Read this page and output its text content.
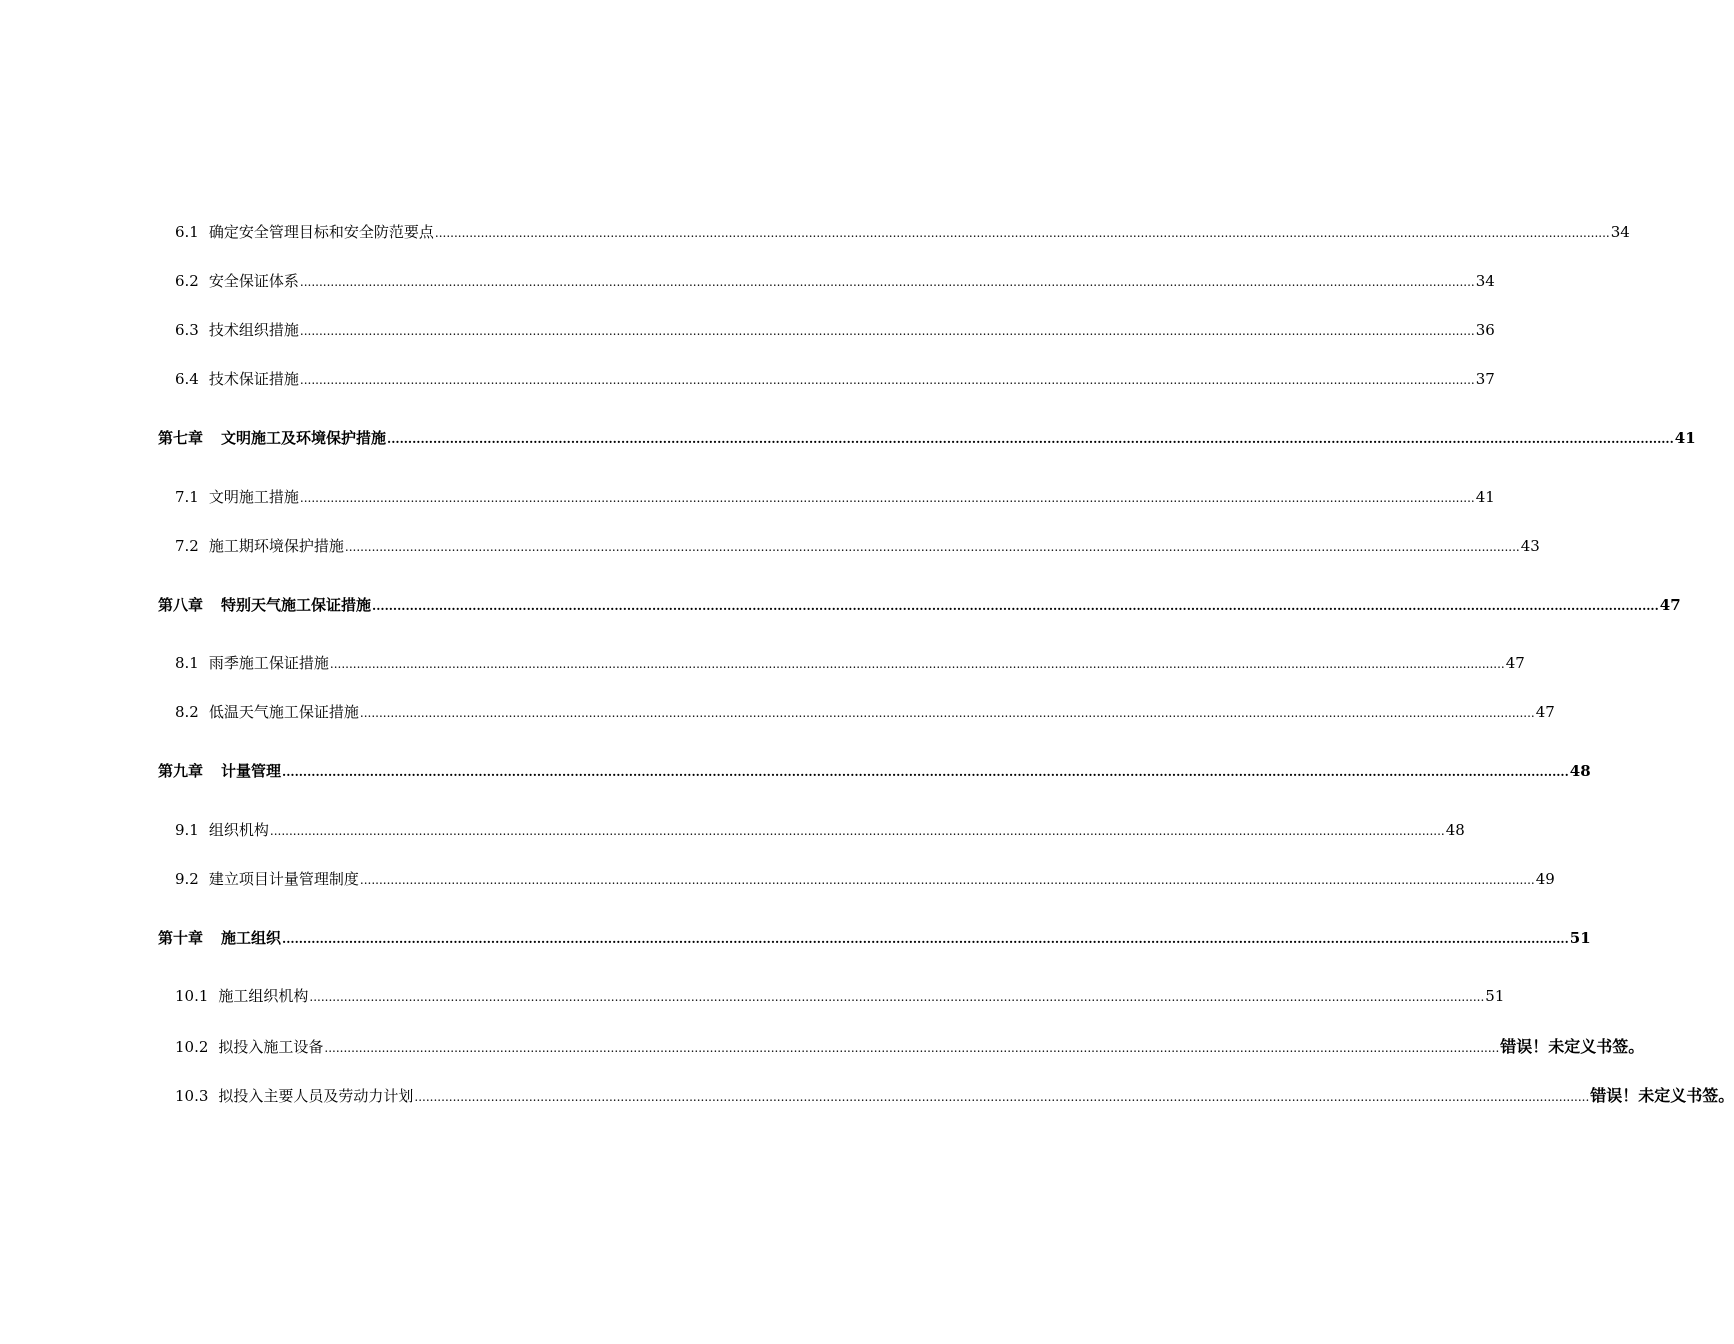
6.1 确定安全管理目标和安全防范要点 .................................................................................................................................................................................................................................................................................................................... 34
6.2 安全保证体系 .................................................................................................................................................................................................................................................................................................................... 34
6.3 技术组织措施 .................................................................................................................................................................................................................................................................................................................... 36
6.4 技术保证措施 .................................................................................................................................................................................................................................................................................................................... 37
第七章 文明施工及环境保护措施 .................................................................................................................................................................................................................................................................................................................... 41
7.1 文明施工措施 .................................................................................................................................................................................................................................................................................................................... 41
7.2 施工期环境保护措施 .................................................................................................................................................................................................................................................................................................................... 43
第八章 特别天气施工保证措施 .................................................................................................................................................................................................................................................................................................................... 47
8.1 雨季施工保证措施 .................................................................................................................................................................................................................................................................................................................... 47
8.2 低温天气施工保证措施 .................................................................................................................................................................................................................................................................................................................... 47
第九章 计量管理 .................................................................................................................................................................................................................................................................................................................... 48
9.1 组织机构 .................................................................................................................................................................................................................................................................................................................... 48
9.2 建立项目计量管理制度 .................................................................................................................................................................................................................................................................................................................... 49
第十章 施工组织 .................................................................................................................................................................................................................................................................................................................... 51
10.1 施工组织机构 .................................................................................................................................................................................................................................................................................................................... 51
10.2 拟投入施工设备 .................................................................................................................................................................................................................................................................................................................... 错误！未定义书签。
10.3 拟投入主要人员及劳动力计划 .................................................................................................................................................................................................................................................................................................................... 错误！未定义书签。
